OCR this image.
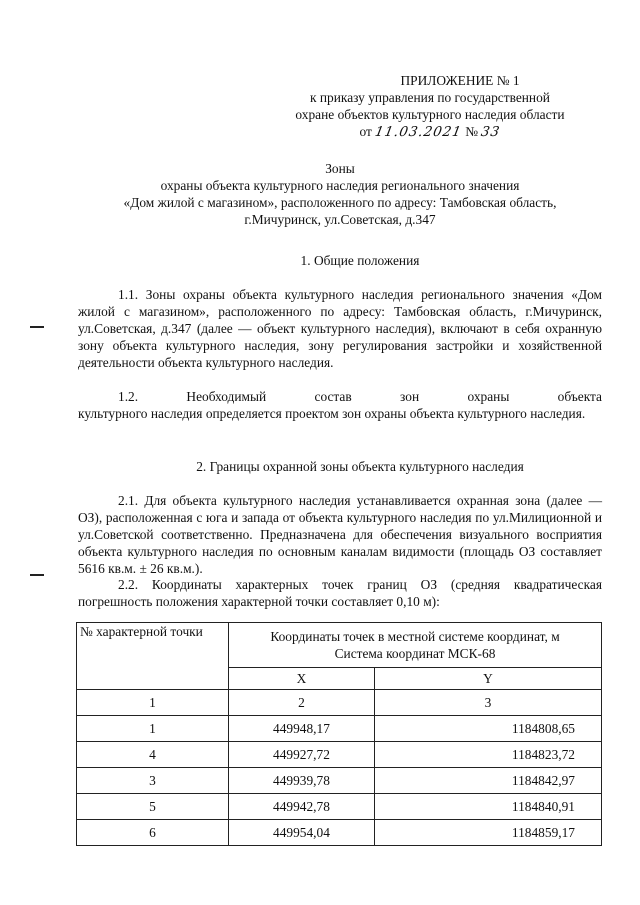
ПРИЛОЖЕНИЕ № 1
к приказу управления по государственной
охране объектов культурного наследия области
от 11.03.2021 № 33
Зоны
охраны объекта культурного наследия регионального значения
«Дом жилой с магазином», расположенного по адресу: Тамбовская область,
г.Мичуринск, ул.Советская, д.347
1. Общие положения

1.1. Зоны охраны объекта культурного наследия регионального значения «Дом жилой с магазином», расположенного по адресу: Тамбовская область, г.Мичуринск, ул.Советская, д.347 (далее — объект культурного наследия), включают в себя охранную зону объекта культурного наследия, зону регулирования застройки и хозяйственной деятельности объекта культурного наследия.

1.2. Необходимый состав зон охраны объекта

культурного наследия определяется проектом зон охраны объекта культурного наследия.

2. Границы охранной зоны объекта культурного наследия

2.1. Для объекта культурного наследия устанавливается охранная зона (далее — ОЗ), расположенная с юга и запада от объекта культурного наследия по ул.Милиционной и ул.Советской соответственно. Предназначена для обеспечения визуального восприятия объекта культурного наследия по основным каналам видимости (площадь ОЗ составляет 5616 кв.м. ± 26 кв.м.).

2.2. Координаты характерных точек границ ОЗ (средняя квадратическая погрешность положения характерной точки составляет 0,10 м):

№ характерной точки	Координаты точек в местной системе координат, м
Система координат МСК-68	

	X	Y
1	2	3
1	449948,17	1184808,65
4	449927,72	1184823,72
3	449939,78	1184842,97
5	449942,78	1184840,91
6	449954,04	1184859,17
